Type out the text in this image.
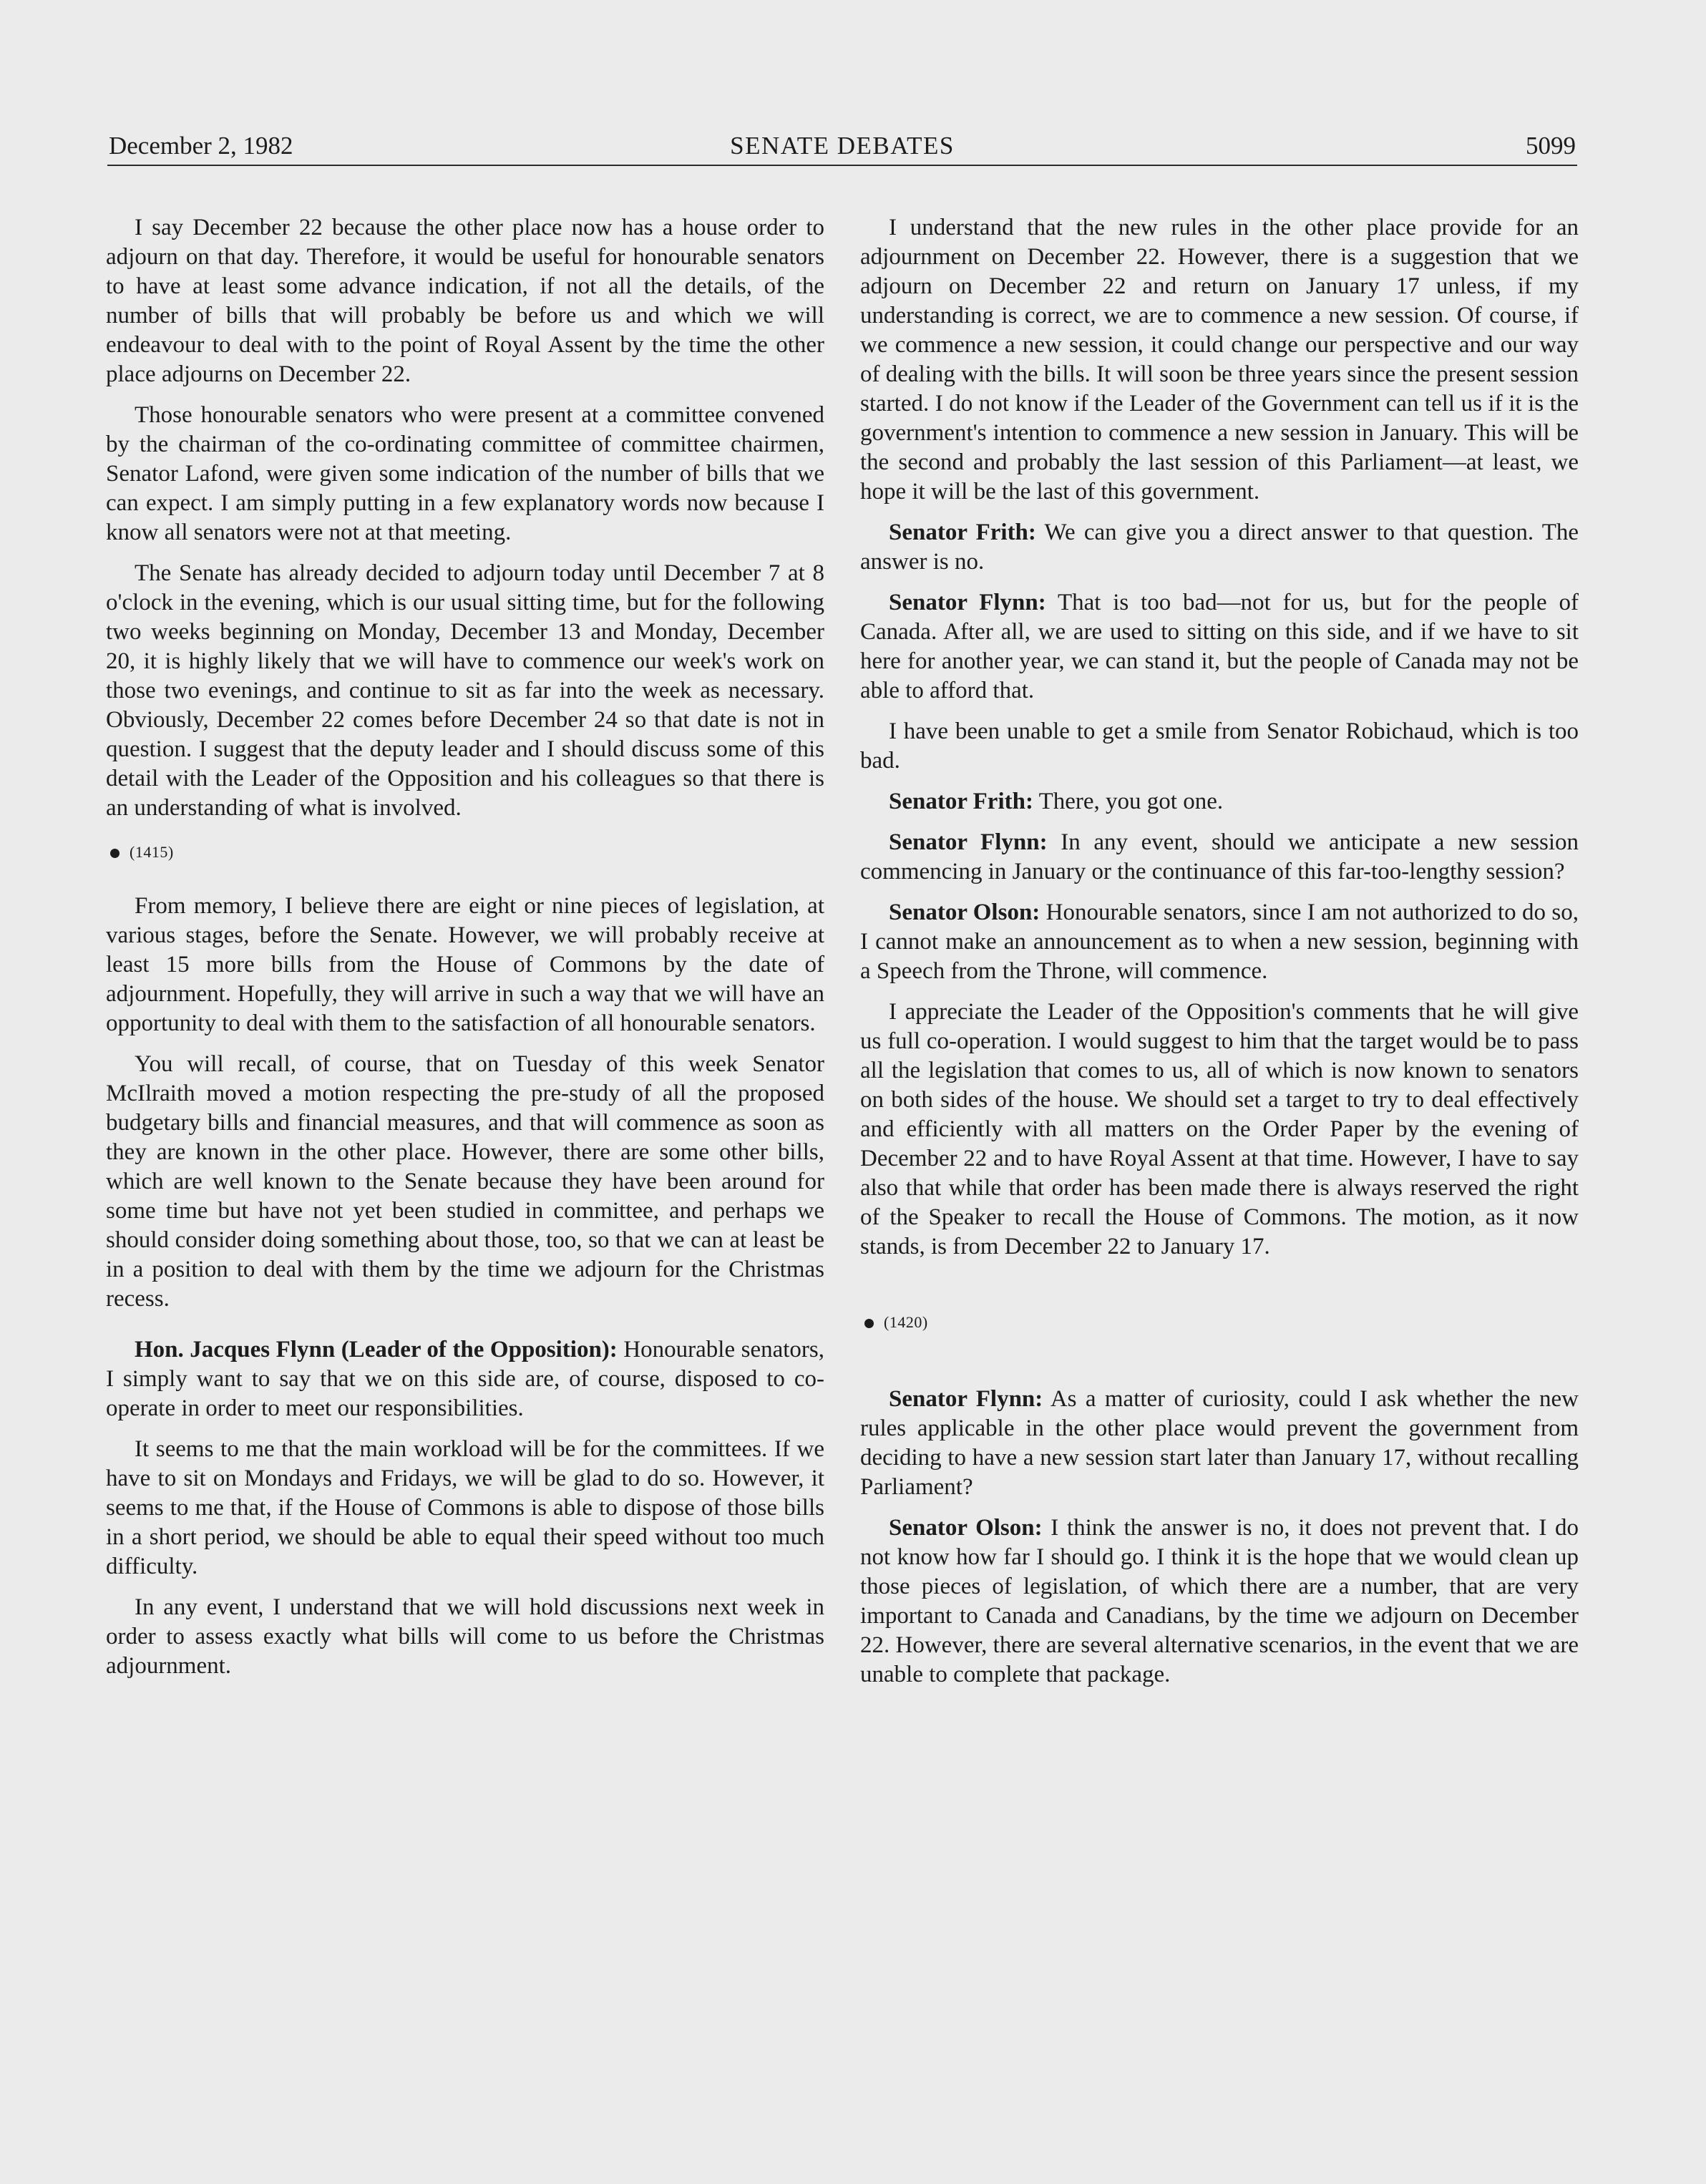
December 2, 1982	SENATE DEBATES	5099

I say December 22 because the other place now has a house order to adjourn on that day. Therefore, it would be useful for honourable senators to have at least some advance indication, if not all the details, of the number of bills that will probably be before us and which we will endeavour to deal with to the point of Royal Assent by the time the other place adjourns on December 22.

Those honourable senators who were present at a committee convened by the chairman of the co-ordinating committee of committee chairmen, Senator Lafond, were given some indication of the number of bills that we can expect. I am simply putting in a few explanatory words now because I know all senators were not at that meeting.

The Senate has already decided to adjourn today until December 7 at 8 o'clock in the evening, which is our usual sitting time, but for the following two weeks beginning on Monday, December 13 and Monday, December 20, it is highly likely that we will have to commence our week's work on those two evenings, and continue to sit as far into the week as necessary. Obviously, December 22 comes before December 24 so that date is not in question. I suggest that the deputy leader and I should discuss some of this detail with the Leader of the Opposition and his colleagues so that there is an understanding of what is involved.

(1415)

From memory, I believe there are eight or nine pieces of legislation, at various stages, before the Senate. However, we will probably receive at least 15 more bills from the House of Commons by the date of adjournment. Hopefully, they will arrive in such a way that we will have an opportunity to deal with them to the satisfaction of all honourable senators.

You will recall, of course, that on Tuesday of this week Senator McIlraith moved a motion respecting the pre-study of all the proposed budgetary bills and financial measures, and that will commence as soon as they are known in the other place. However, there are some other bills, which are well known to the Senate because they have been around for some time but have not yet been studied in committee, and perhaps we should consider doing something about those, too, so that we can at least be in a position to deal with them by the time we adjourn for the Christmas recess.

Hon. Jacques Flynn (Leader of the Opposition): Honourable senators, I simply want to say that we on this side are, of course, disposed to co-operate in order to meet our responsibilities.

It seems to me that the main workload will be for the committees. If we have to sit on Mondays and Fridays, we will be glad to do so. However, it seems to me that, if the House of Commons is able to dispose of those bills in a short period, we should be able to equal their speed without too much difficulty.

In any event, I understand that we will hold discussions next week in order to assess exactly what bills will come to us before the Christmas adjournment.

I understand that the new rules in the other place provide for an adjournment on December 22. However, there is a suggestion that we adjourn on December 22 and return on January 17 unless, if my understanding is correct, we are to commence a new session. Of course, if we commence a new session, it could change our perspective and our way of dealing with the bills. It will soon be three years since the present session started. I do not know if the Leader of the Government can tell us if it is the government's intention to commence a new session in January. This will be the second and probably the last session of this Parliament—at least, we hope it will be the last of this government.

Senator Frith: We can give you a direct answer to that question. The answer is no.

Senator Flynn: That is too bad—not for us, but for the people of Canada. After all, we are used to sitting on this side, and if we have to sit here for another year, we can stand it, but the people of Canada may not be able to afford that.

I have been unable to get a smile from Senator Robichaud, which is too bad.

Senator Frith: There, you got one.

Senator Flynn: In any event, should we anticipate a new session commencing in January or the continuance of this far-too-lengthy session?

Senator Olson: Honourable senators, since I am not authorized to do so, I cannot make an announcement as to when a new session, beginning with a Speech from the Throne, will commence.

I appreciate the Leader of the Opposition's comments that he will give us full co-operation. I would suggest to him that the target would be to pass all the legislation that comes to us, all of which is now known to senators on both sides of the house. We should set a target to try to deal effectively and efficiently with all matters on the Order Paper by the evening of December 22 and to have Royal Assent at that time. However, I have to say also that while that order has been made there is always reserved the right of the Speaker to recall the House of Commons. The motion, as it now stands, is from December 22 to January 17.

(1420)

Senator Flynn: As a matter of curiosity, could I ask whether the new rules applicable in the other place would prevent the government from deciding to have a new session start later than January 17, without recalling Parliament?

Senator Olson: I think the answer is no, it does not prevent that. I do not know how far I should go. I think it is the hope that we would clean up those pieces of legislation, of which there are a number, that are very important to Canada and Canadians, by the time we adjourn on December 22. However, there are several alternative scenarios, in the event that we are unable to complete that package.
